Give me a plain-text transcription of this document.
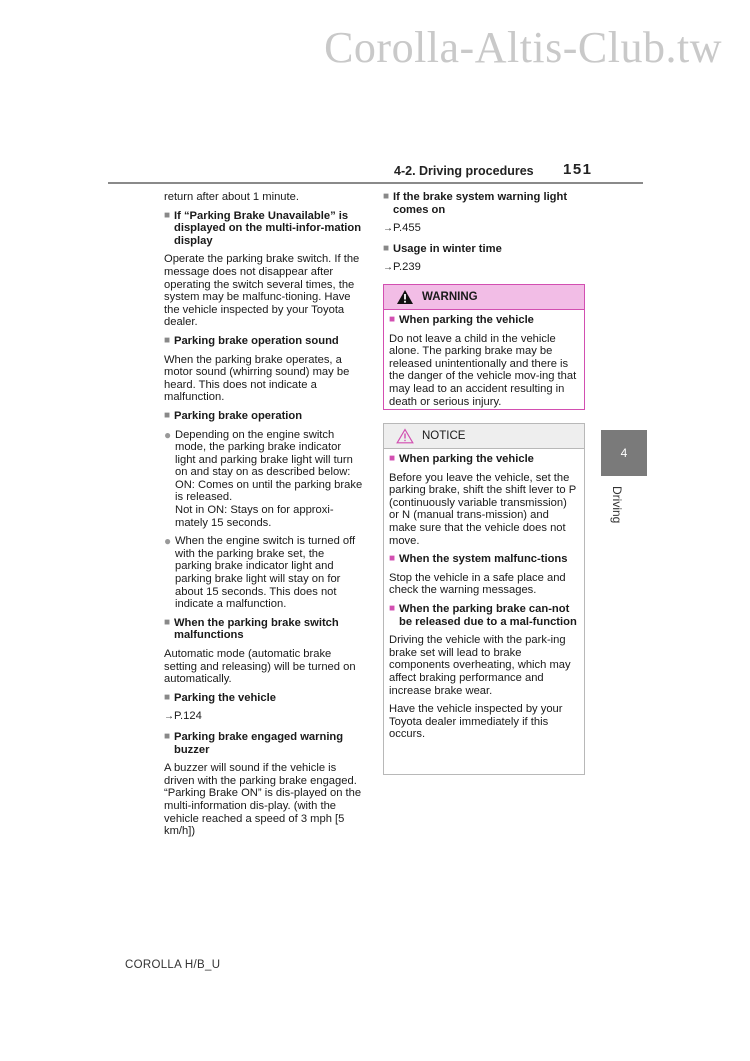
Corolla-Altis-Club.tw
4-2. Driving procedures 151

return after about 1 minute.

■ If “Parking Brake Unavailable” is displayed on the multi-infor-mation display

Operate the parking brake switch. If the message does not disappear after operating the switch several times, the system may be malfunc-tioning. Have the vehicle inspected by your Toyota dealer.

■ Parking brake operation sound

When the parking brake operates, a motor sound (whirring sound) may be heard. This does not indicate a malfunction.

■ Parking brake operation
● Depending on the engine switch mode, the parking brake indicator light and parking brake light will turn on and stay on as described below:
ON: Comes on until the parking brake is released.
Not in ON: Stays on for approxi-mately 15 seconds.
● When the engine switch is turned off with the parking brake set, the parking brake indicator light and parking brake light will stay on for about 15 seconds. This does not indicate a malfunction.
■ When the parking brake switch malfunctions

Automatic mode (automatic brake setting and releasing) will be turned on automatically.

■ Parking the vehicle

→P.124

■ Parking brake engaged warning buzzer

A buzzer will sound if the vehicle is driven with the parking brake engaged. “Parking Brake ON” is dis-played on the multi-information dis-play. (with the vehicle reached a speed of 3 mph [5 km/h])

■ If the brake system warning light comes on

→P.455

■ Usage in winter time

→P.239

WARNING
■ When parking the vehicle

Do not leave a child in the vehicle alone. The parking brake may be released unintentionally and there is the danger of the vehicle mov-ing that may lead to an accident resulting in death or serious injury.

NOTICE
■ When parking the vehicle

Before you leave the vehicle, set the parking brake, shift the shift lever to P (continuously variable transmission) or N (manual trans-mission) and make sure that the vehicle does not move.

■ When the system malfunc-tions

Stop the vehicle in a safe place and check the warning messages.

■ When the parking brake can-not be released due to a mal-function

Driving the vehicle with the park-ing brake set will lead to brake components overheating, which may affect braking performance and increase brake wear.

Have the vehicle inspected by your Toyota dealer immediately if this occurs.

4
Driving
COROLLA H/B_U
